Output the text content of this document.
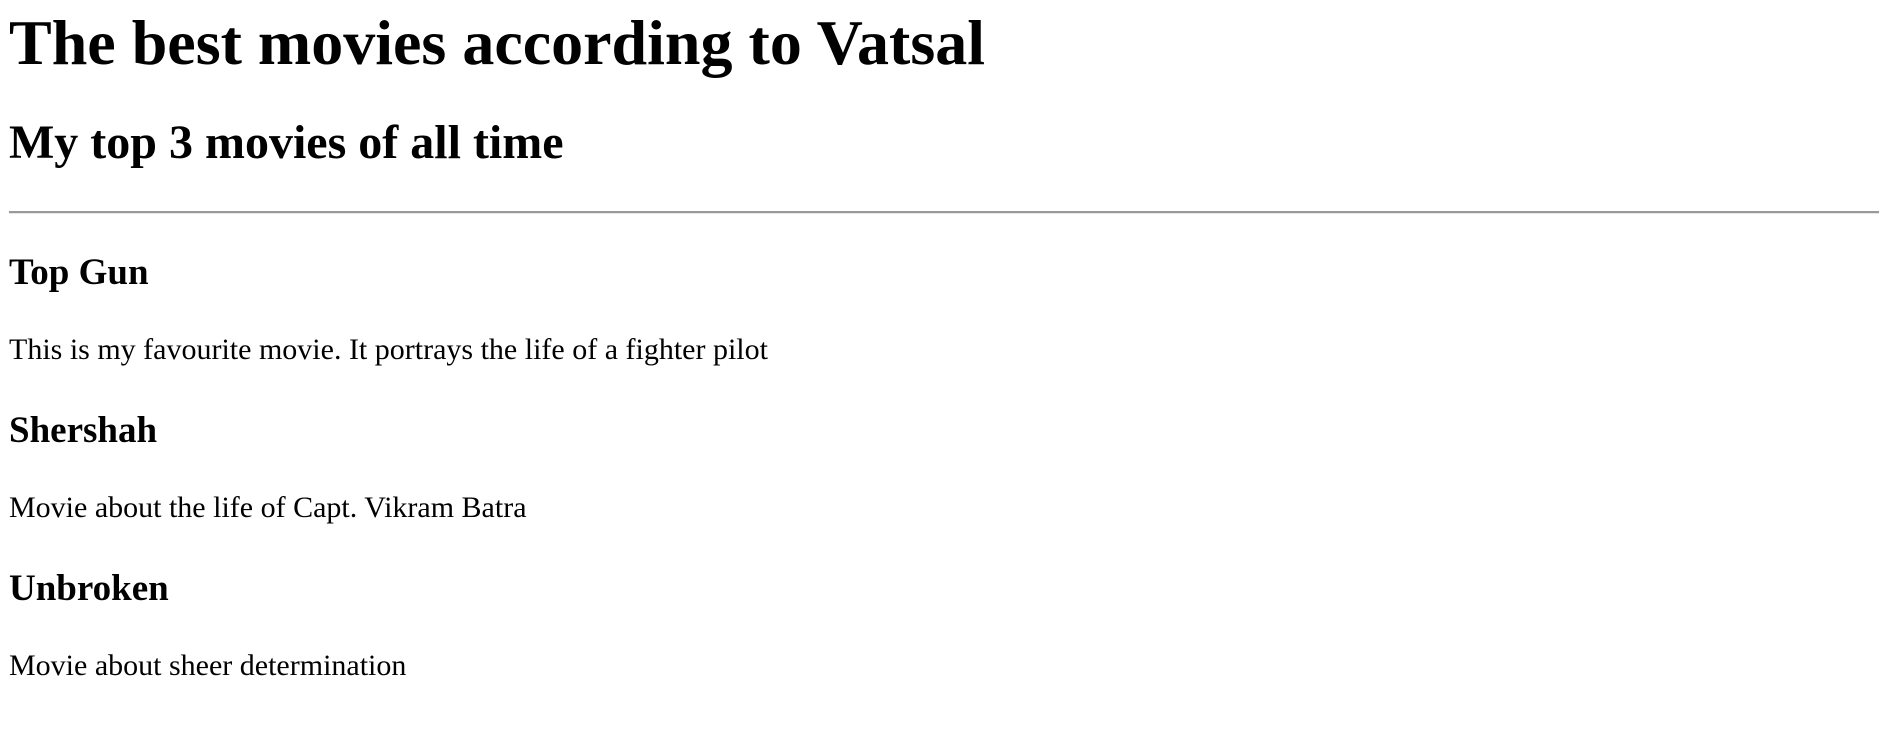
The best movies according to Vatsal
My top 3 movies of all time
Top Gun

This is my favourite movie. It portrays the life of a fighter pilot

Shershah

Movie about the life of Capt. Vikram Batra

Unbroken

Movie about sheer determination
